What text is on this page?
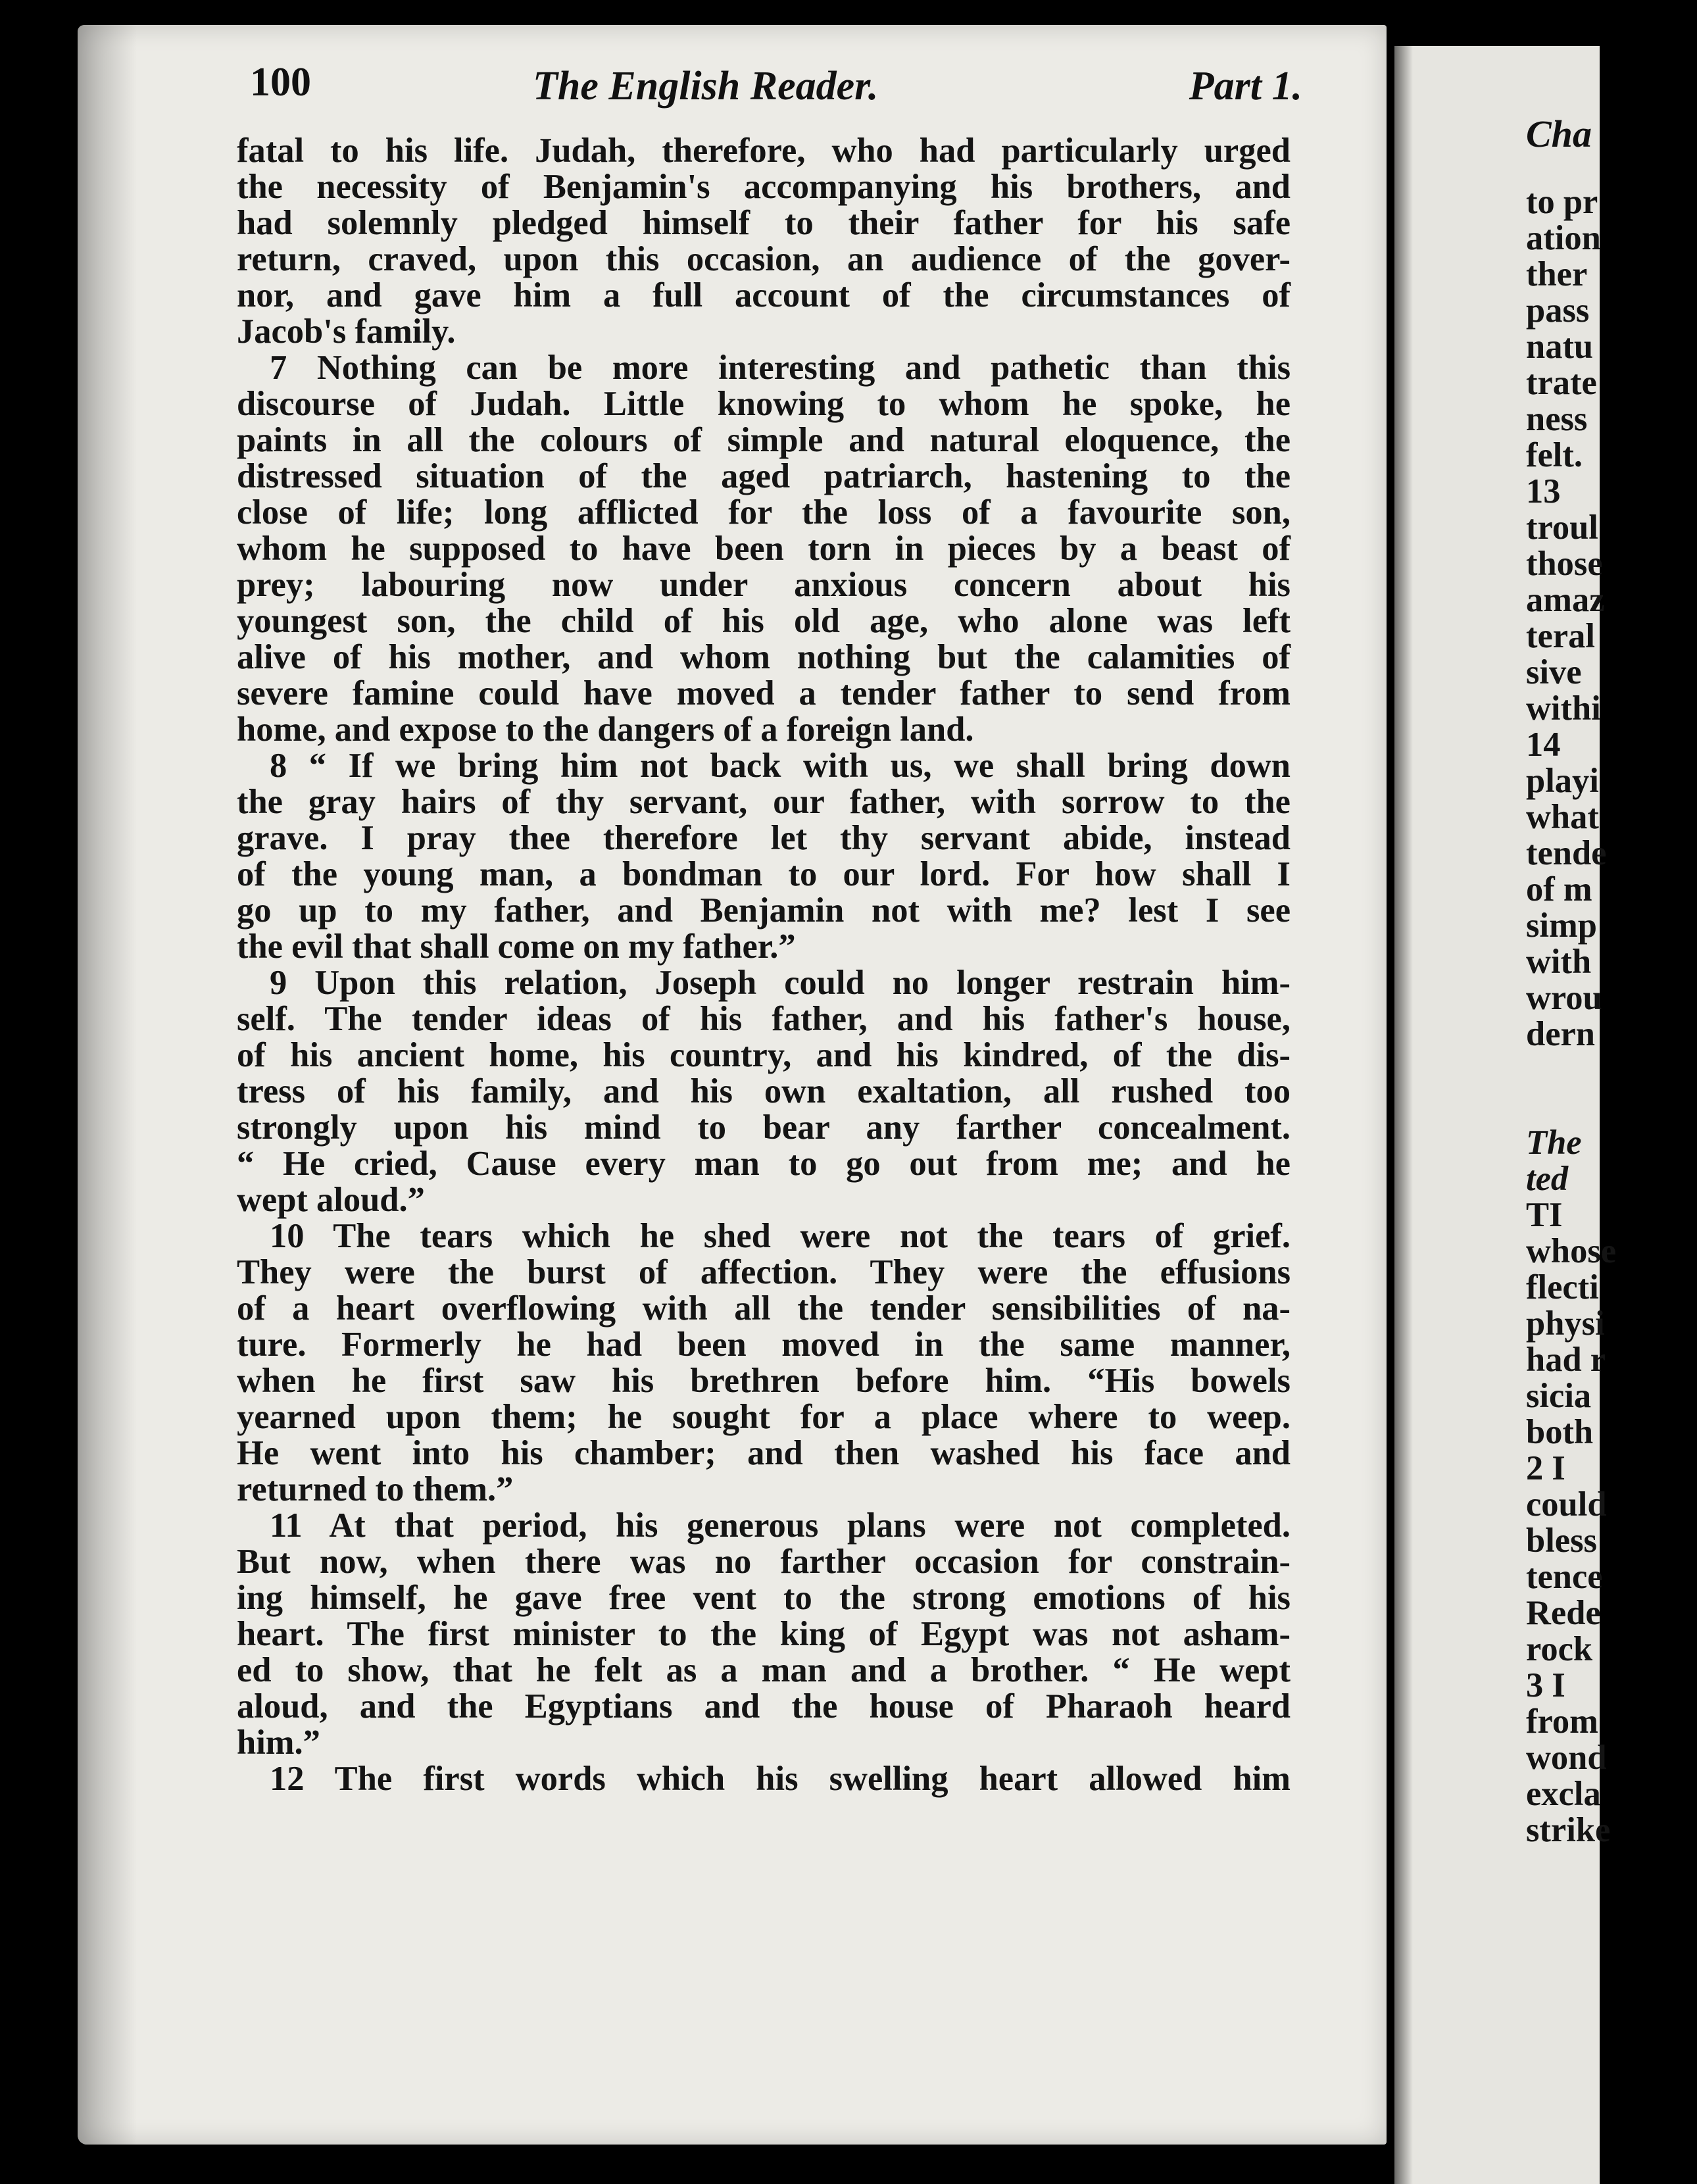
100	The English Reader.	Part 1.
fatal to his life. Judah, therefore, who had particularly urged
the necessity of Benjamin's accompanying his brothers, and
had solemnly pledged himself to their father for his safe
return, craved, upon this occasion, an audience of the gover-
nor, and gave him a full account of the circumstances of
Jacob's family.
7 Nothing can be more interesting and pathetic than this
discourse of Judah. Little knowing to whom he spoke, he
paints in all the colours of simple and natural eloquence, the
distressed situation of the aged patriarch, hastening to the
close of life; long afflicted for the loss of a favourite son,
whom he supposed to have been torn in pieces by a beast of
prey; labouring now under anxious concern about his
youngest son, the child of his old age, who alone was left
alive of his mother, and whom nothing but the calamities of
severe famine could have moved a tender father to send from
home, and expose to the dangers of a foreign land.
8 “ If we bring him not back with us, we shall bring down
the gray hairs of thy servant, our father, with sorrow to the
grave. I pray thee therefore let thy servant abide, instead
of the young man, a bondman to our lord. For how shall I
go up to my father, and Benjamin not with me? lest I see
the evil that shall come on my father.”
9 Upon this relation, Joseph could no longer restrain him-
self. The tender ideas of his father, and his father's house,
of his ancient home, his country, and his kindred, of the dis-
tress of his family, and his own exaltation, all rushed too
strongly upon his mind to bear any farther concealment.
“ He cried, Cause every man to go out from me; and he
wept aloud.”
10 The tears which he shed were not the tears of grief.
They were the burst of affection. They were the effusions
of a heart overflowing with all the tender sensibilities of na-
ture. Formerly he had been moved in the same manner,
when he first saw his brethren before him. “His bowels
yearned upon them; he sought for a place where to weep.
He went into his chamber; and then washed his face and
returned to them.”
11 At that period, his generous plans were not completed.
But now, when there was no farther occasion for constrain-
ing himself, he gave free vent to the strong emotions of his
heart. The first minister to the king of Egypt was not asham-
ed to show, that he felt as a man and a brother. “ He wept
aloud, and the Egyptians and the house of Pharaoh heard
him.”
12 The first words which his swelling heart allowed him
Cha
to pr
ation
ther
pass
natu
trate
ness
felt.
13
troul
those
amaz
teral
sive
withi
14
playi
what
tende
of m
simp
with
wrou
dern
The
ted
TI
whose
flecti
physi
had r
sicia
both
2 I
could
bless
tence
Rede
rock
3 I
from
wond
excla
strike
